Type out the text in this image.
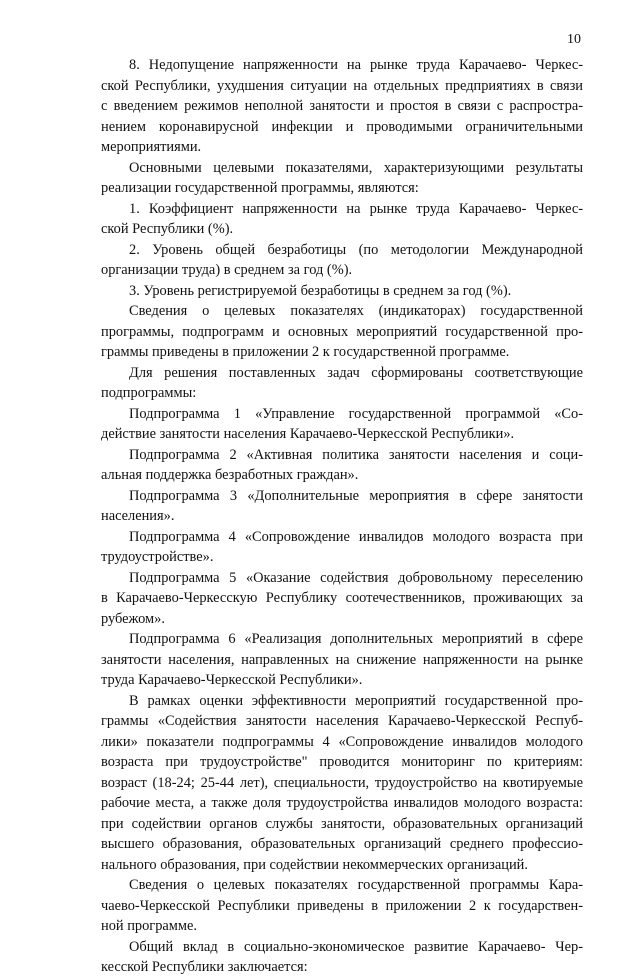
10

8. Недопущение напряженности на рынке труда Карачаево- Черкес-
ской Республики, ухудшения ситуации на отдельных предприятиях в связи
с введением режимов неполной занятости и простоя в связи с распростра-
нением коронавирусной инфекции и проводимыми ограничительными
мероприятиями.

Основными целевыми показателями, характеризующими результаты
реализации государственной программы, являются:

1. Коэффициент напряженности на рынке труда Карачаево- Черкес-
ской Республики (%).

2. Уровень общей безработицы (по методологии Международной
организации труда) в среднем за год (%).

3. Уровень регистрируемой безработицы в среднем за год (%).

Сведения о целевых показателях (индикаторах) государственной
программы, подпрограмм и основных мероприятий государственной про-
граммы приведены в приложении 2 к государственной программе.

Для решения поставленных задач сформированы соответствующие
подпрограммы:

Подпрограмма 1 «Управление государственной программой «Со-
действие занятости населения Карачаево-Черкесской Республики».

Подпрограмма 2 «Активная политика занятости населения и соци-
альная поддержка безработных граждан».

Подпрограмма 3 «Дополнительные мероприятия в сфере занятости
населения».

Подпрограмма 4 «Сопровождение инвалидов молодого возраста при
трудоустройстве».

Подпрограмма 5 «Оказание содействия добровольному переселению
в Карачаево-Черкесскую Республику соотечественников, проживающих за
рубежом».

Подпрограмма 6 «Реализация дополнительных мероприятий в сфере
занятости населения, направленных на снижение напряженности на рынке
труда Карачаево-Черкесской Республики».

В рамках оценки эффективности мероприятий государственной про-
граммы «Содействия занятости населения Карачаево-Черкесской Респуб-
лики» показатели подпрограммы 4 «Сопровождение инвалидов молодого
возраста при трудоустройстве" проводится мониторинг по критериям:
возраст (18-24; 25-44 лет), специальности, трудоустройство на квотируемые
рабочие места, а также доля трудоустройства инвалидов молодого возраста:
при содействии органов службы занятости, образовательных организаций
высшего образования, образовательных организаций среднего профессио-
нального образования, при содействии некоммерческих организаций.

Сведения о целевых показателях государственной программы Кара-
чаево-Черкесской Республики приведены в приложении 2 к государствен-
ной программе.

Общий вклад в социально-экономическое развитие Карачаево- Чер-
кесской Республики заключается:
